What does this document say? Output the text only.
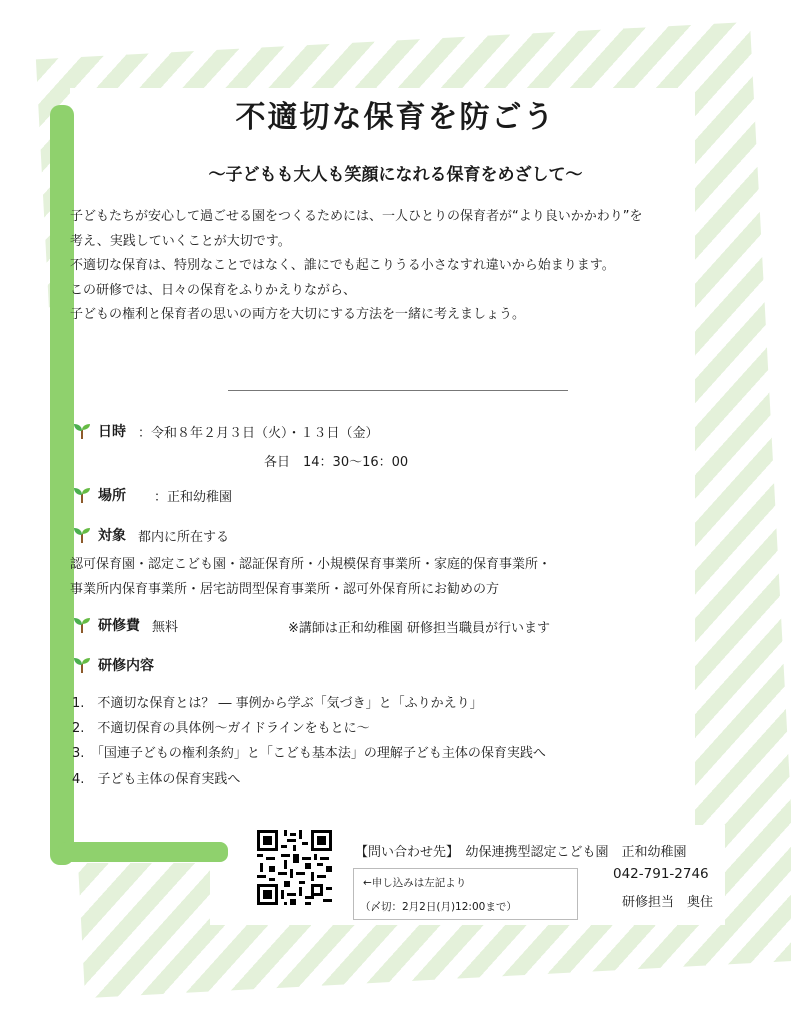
不適切な保育を防ごう
～子どもも大人も笑顔になれる保育をめざして～

子どもたちが安心して過ごせる園をつくるためには、一人ひとりの保育者が“より良いかかわり”を

考え、実践していくことが大切です。

不適切な保育は、特別なことではなく、誰にでも起こりうる小さなすれ違いから始まります。

この研修では、日々の保育をふりかえりながら、

子どもの権利と保育者の思いの両方を大切にする方法を一緒に考えましょう。

日時 ：令和８年２月３日（火）・１３日（金）
各日　14：30～16：00
場所 ：正和幼稚園
対象 都内に所在する
認可保育園・認定こども園・認証保育所・小規模保育事業所・家庭的保育事業所・
事業所内保育事業所・居宅訪問型保育事業所・認可外保育所にお勧めの方
研修費 無料	※講師は正和幼稚園 研修担当職員が行います
研修内容
1.　不適切な保育とは？ ― 事例から学ぶ「気づき」と「ふりかえり」
2.　不適切保育の具体例～ガイドラインをもとに～
3.　「国連子どもの権利条約」と「こども基本法」の理解子ども主体の保育実践へ
4.　子ども主体の保育実践へ
←申し込みは左記より
（〆切：2月2日(月)12:00まで）
【問い合わせ先】　幼保連携型認定こども園　正和幼稚園
042-791-2746
研修担当　奥住
